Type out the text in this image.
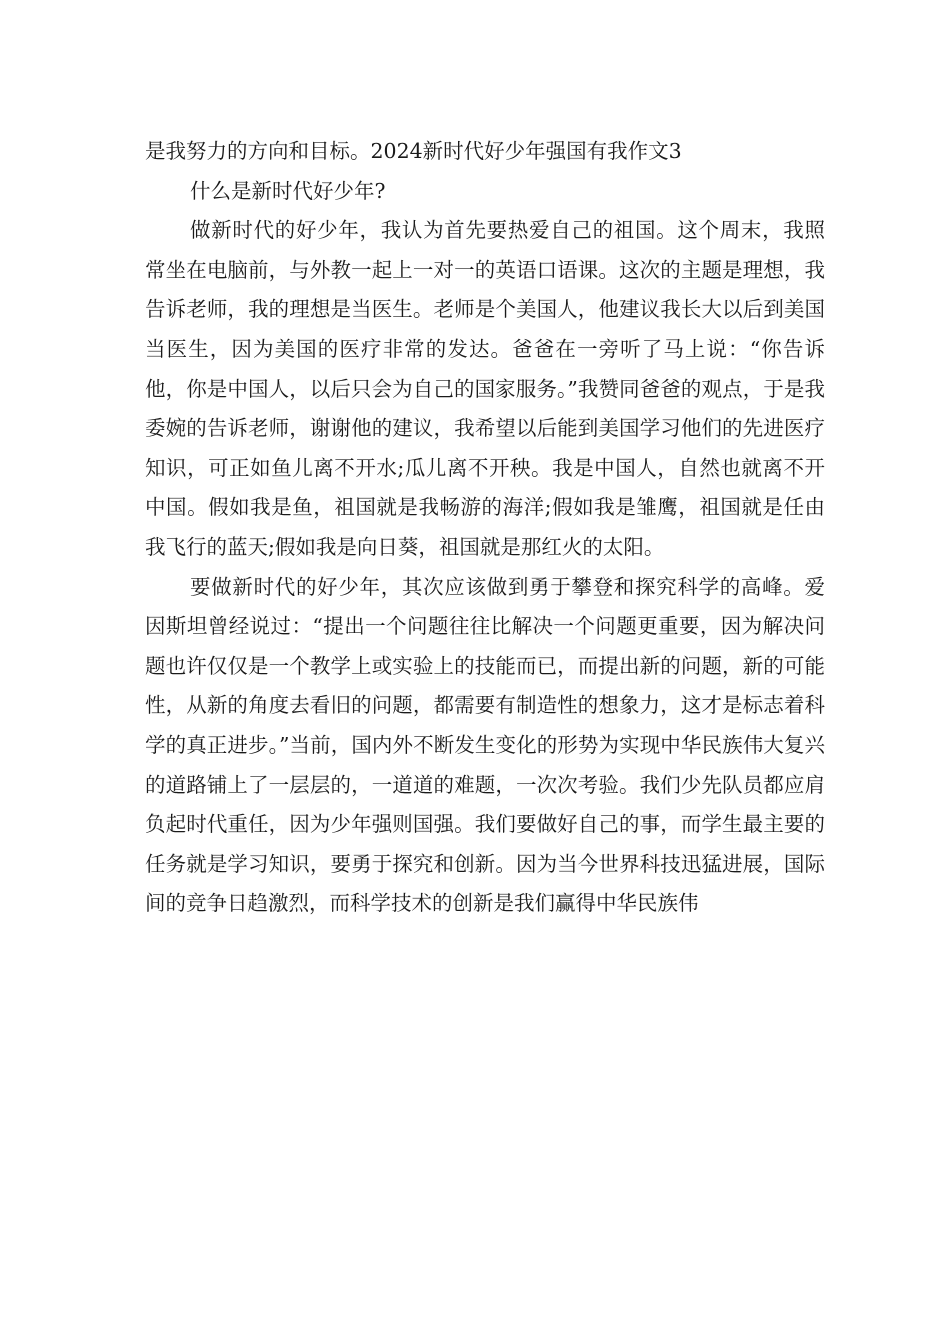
是我努力的方向和目标。2024新时代好少年强国有我作文3

什么是新时代好少年?

做新时代的好少年，我认为首先要热爱自己的祖国。这个周末，我照常坐在电脑前，与外教一起上一对一的英语口语课。这次的主题是理想，我告诉老师，我的理想是当医生。老师是个美国人，他建议我长大以后到美国当医生，因为美国的医疗非常的发达。爸爸在一旁听了马上说：“你告诉他，你是中国人，以后只会为自己的国家服务。”我赞同爸爸的观点，于是我委婉的告诉老师，谢谢他的建议，我希望以后能到美国学习他们的先进医疗知识，可正如鱼儿离不开水;瓜儿离不开秧。我是中国人，自然也就离不开中国。假如我是鱼，祖国就是我畅游的海洋;假如我是雏鹰，祖国就是任由我飞行的蓝天;假如我是向日葵，祖国就是那红火的太阳。

要做新时代的好少年，其次应该做到勇于攀登和探究科学的高峰。爱因斯坦曾经说过：“提出一个问题往往比解决一个问题更重要，因为解决问题也许仅仅是一个教学上或实验上的技能而已，而提出新的问题，新的可能性，从新的角度去看旧的问题，都需要有制造性的想象力，这才是标志着科学的真正进步。”当前，国内外不断发生变化的形势为实现中华民族伟大复兴的道路铺上了一层层的，一道道的难题，一次次考验。我们少先队员都应肩负起时代重任，因为少年强则国强。我们要做好自己的事，而学生最主要的任务就是学习知识，要勇于探究和创新。因为当今世界科技迅猛进展，国际间的竞争日趋激烈，而科学技术的创新是我们赢得中华民族伟
